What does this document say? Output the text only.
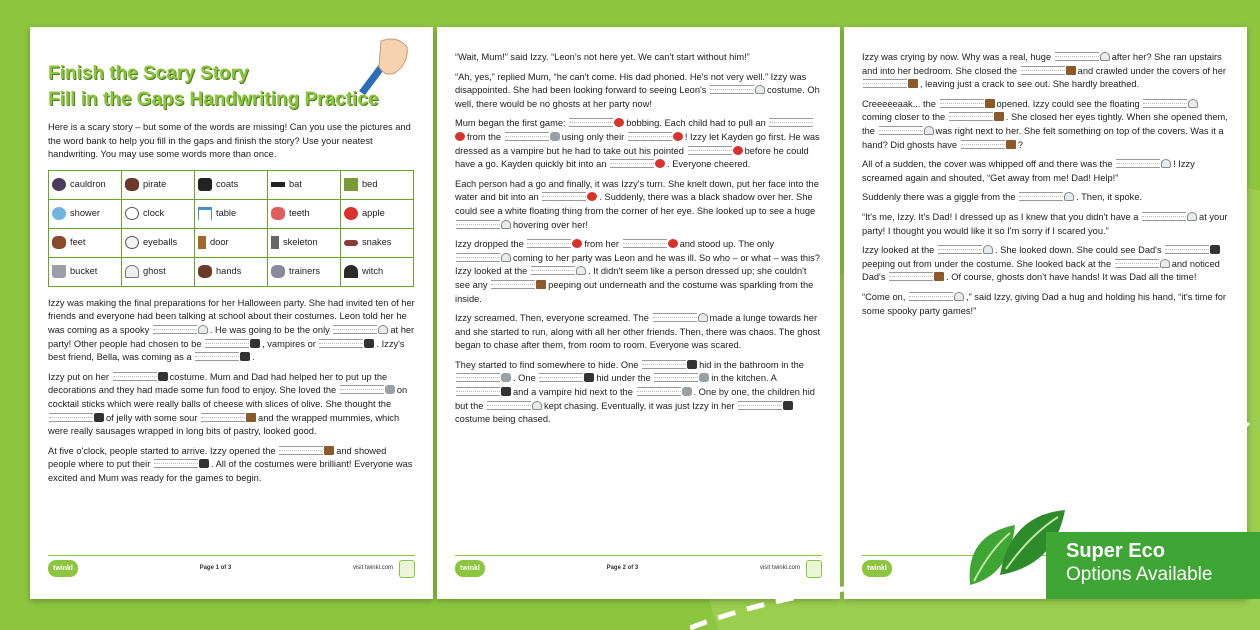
Finish the Scary Story
Fill in the Gaps Handwriting Practice

Here is a scary story – but some of the words are missing! Can you use the pictures and the word bank to help you fill in the gaps and finish the story? Use your neatest handwriting. You may use some words more than once.

cauldron	pirate	coats	bat	bed
shower	clock	table	teeth	apple
feet	eyeballs	door	skeleton	snakes
bucket	ghost	hands	trainers	witch

Izzy was making the final preparations for her Halloween party. She had invited ten of her friends and everyone had been talking at school about their costumes. Leon told her he was coming as a spooky	. He was going to be the only	at her party! Other people had chosen to be	, vampires or	. Izzy's best friend, Bella, was coming as a	.

Izzy put on her	costume. Mum and Dad had helped her to put up the decorations and they had made some fun food to enjoy. She loved the	on cocktail sticks which were really balls of cheese with slices of olive. She thought the of jelly with some sour	and the wrapped mummies, which were really sausages wrapped in long bits of pastry, looked good.

At five o'clock, people started to arrive. Izzy opened the	and showed people where to put their	. All of the costumes were brilliant! Everyone was excited and Mum was ready for the games to begin.

twinkl	Page 1 of 3	visit twinkl.com

“Wait, Mum!” said Izzy. “Leon's not here yet. We can't start without him!”

“Ah, yes,” replied Mum, “he can't come. His dad phoned. He's not very well.” Izzy was disappointed. She had been looking forward to seeing Leon's	costume. Oh well, there would be no ghosts at her party now!

Mum began the first game:	bobbing. Each child had to pull an from the	using only their	! Izzy let Kayden go first. He was dressed as a vampire but he had to take out his pointed	before he could have a go. Kayden quickly bit into an	. Everyone cheered.

Each person had a go and finally, it was Izzy's turn. She knelt down, put her face into the water and bit into an	. Suddenly, there was a black shadow over her. She could see a white floating thing from the corner of her eye. She looked up to see a huge hovering over her!

Izzy dropped the	from her	and stood up. The only coming to her party was Leon and he was ill. So who – or what – was this? Izzy looked at the	. It didn't seem like a person dressed up; she couldn't see any	peeping out underneath and the costume was sparkling from the inside.

Izzy screamed. Then, everyone screamed. The	made a lunge towards her and she started to run, along with all her other friends. Then, there was chaos. The ghost began to chase after them, from room to room. Everyone was scared.

They started to find somewhere to hide. One	hid in the bathroom in the . One	hid under the	in the kitchen. A and a vampire hid next to the	. One by one, the children hid but the	kept chasing. Eventually, it was just Izzy in her costume being chased.

twinkl	Page 2 of 3	visit twinkl.com

Izzy was crying by now. Why was a real, huge	after her? She ran upstairs and into her bedroom. She closed the	and crawled under the covers of her , leaving just a crack to see out. She hardly breathed.

Creeeeeaak... the	opened. Izzy could see the floating coming closer to the	. She closed her eyes tightly. When she opened them, the	was right next to her. She felt something on top of the covers. Was it a hand? Did ghosts have	?

All of a sudden, the cover was whipped off and there was the	! Izzy screamed again and shouted, “Get away from me! Dad! Help!”

Suddenly there was a giggle from the	. Then, it spoke.

“It's me, Izzy. It's Dad! I dressed up as I knew that you didn't have a	at your party! I thought you would like it so I'm sorry if I scared you.”

Izzy looked at the	. She looked down. She could see Dad's peeping out from under the costume. She looked back at the	and noticed Dad's	. Of course, ghosts don't have hands! It was Dad all the time!

“Come on,	,” said Izzy, giving Dad a hug and holding his hand, “it's time for some spooky party games!”

twinkl
Super Eco
Options Available
